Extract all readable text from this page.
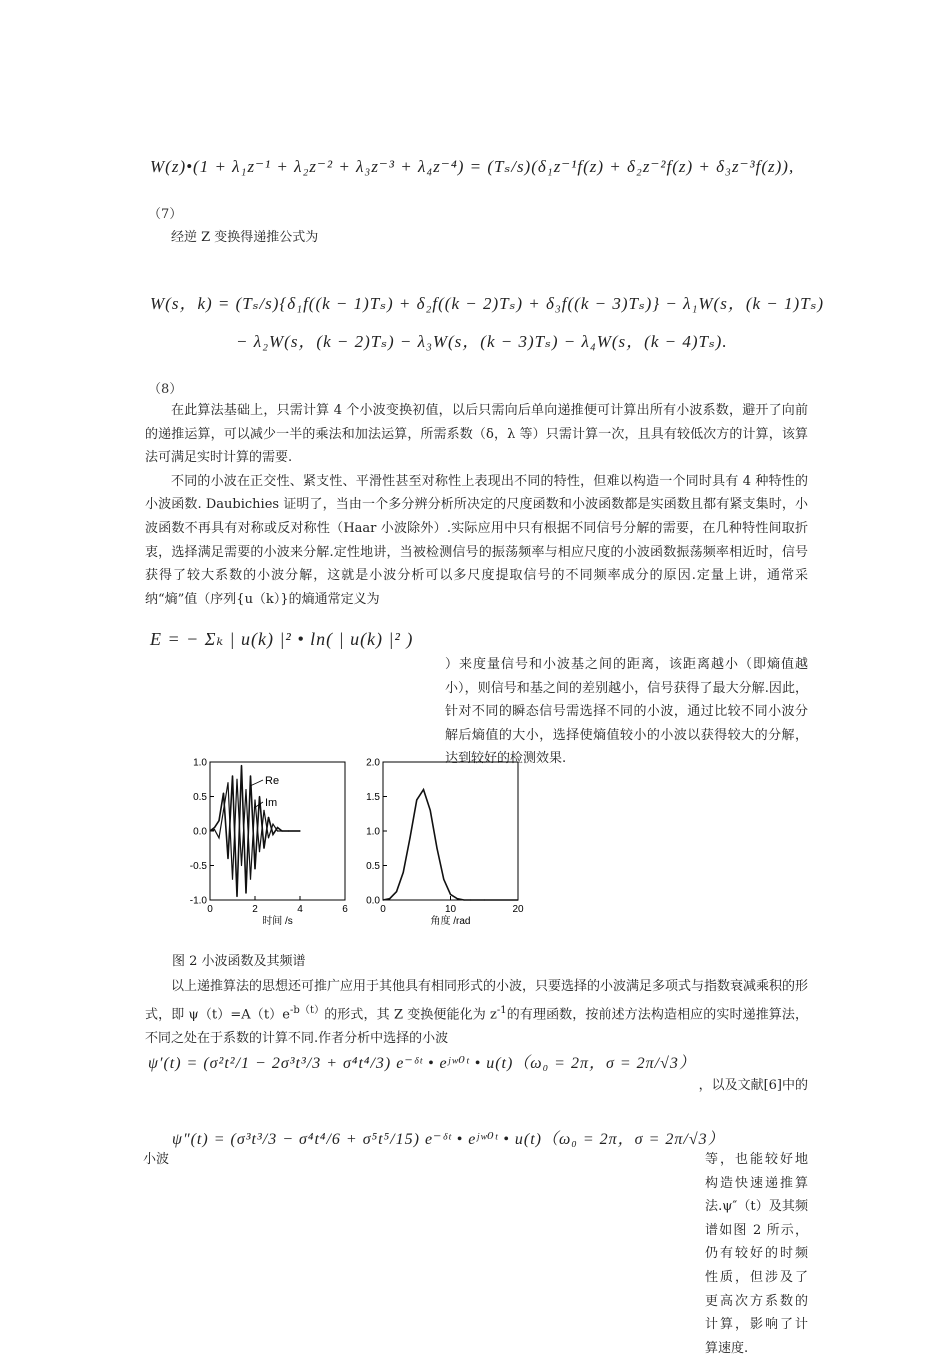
W(z)•(1 + λ₁z⁻¹ + λ₂z⁻² + λ₃z⁻³ + λ₄z⁻⁴) = (Tₛ/s)(δ₁z⁻¹f(z) + δ₂z⁻²f(z) + δ₃z⁻³f(z)),
（7）

经逆 Z 变换得递推公式为

W(s，k) = (Tₛ/s){δ₁f((k − 1)Tₛ) + δ₂f((k − 2)Tₛ) + δ₃f((k − 3)Tₛ)} − λ₁W(s，(k − 1)Tₛ)
− λ₂W(s，(k − 2)Tₛ) − λ₃W(s，(k − 3)Tₛ) − λ₄W(s，(k − 4)Tₛ).
（8）

在此算法基础上，只需计算 4 个小波变换初值，以后只需向后单向递推便可计算出所有小波系数，避开了向前的递推运算，可以减少一半的乘法和加法运算，所需系数（δ，λ 等）只需计算一次，且具有较低次方的计算，该算法可满足实时计算的需要.

不同的小波在正交性、紧支性、平滑性甚至对称性上表现出不同的特性，但难以构造一个同时具有 4 种特性的小波函数. Daubichies 证明了，当由一个多分辨分析所决定的尺度函数和小波函数都是实函数且都有紧支集时，小波函数不再具有对称或反对称性（Haar 小波除外）.实际应用中只有根据不同信号分解的需要，在几种特性间取折衷，选择满足需要的小波来分解.定性地讲，当被检测信号的振荡频率与相应尺度的小波函数振荡频率相近时，信号获得了较大系数的小波分解，这就是小波分析可以多尺度提取信号的不同频率成分的原因.定量上讲，通常采纳“熵”值（序列{u（k）}的熵通常定义为

E = − Σₖ | u(k) |² • ln( | u(k) |² )

）来度量信号和小波基之间的距离，该距离越小（即熵值越小），则信号和基之间的差别越小，信号获得了最大分解.因此，针对不同的瞬态信号需选择不同的小波，通过比较不同小波分解后熵值的大小，选择使熵值较小的小波以获得较大的分解，达到较好的检测效果.

1.0
0.5
0.0
-0.5
-1.0
0	2	4	6
时间 /s
2.0
1.5
1.0
0.5
0.0
0	10	20
角度 /rad
Re
Im
图 2 小波函数及其频谱

以上递推算法的思想还可推广应用于其他具有相同形式的小波，只要选择的小波满足多项式与指数衰减乘积的形式，即 $\psi(t)=A(t)e^{-b(t)}$的形式，其 Z 变换便能化为 $z^{-1}$的有理函数，按前述方法构造相应的实时递推算法，不同之处在于系数的计算不同.作者分析中选择的小波

ψ′(t) = (σ²t²/1 − 2σ³t³/3 + σ⁴t⁴/3) e⁻ᵟᵗ • eʲʷ⁰ᵗ • u(t)（ω₀ = 2π，σ = 2π/√3）
，以及文献[6]中的
小波
ψ″(t) = (σ³t³/3 − σ⁴t⁴/6 + σ⁵t⁵/15) e⁻ᵟᵗ • eʲʷ⁰ᵗ • u(t)（ω₀ = 2π，σ = 2π/√3）

等，也能较好地构造快速递推算法.ψ″（t）及其频谱如图 2 所示，仍有较好的时频性质，但涉及了更高次方系数的计算，影响了计算速度.
